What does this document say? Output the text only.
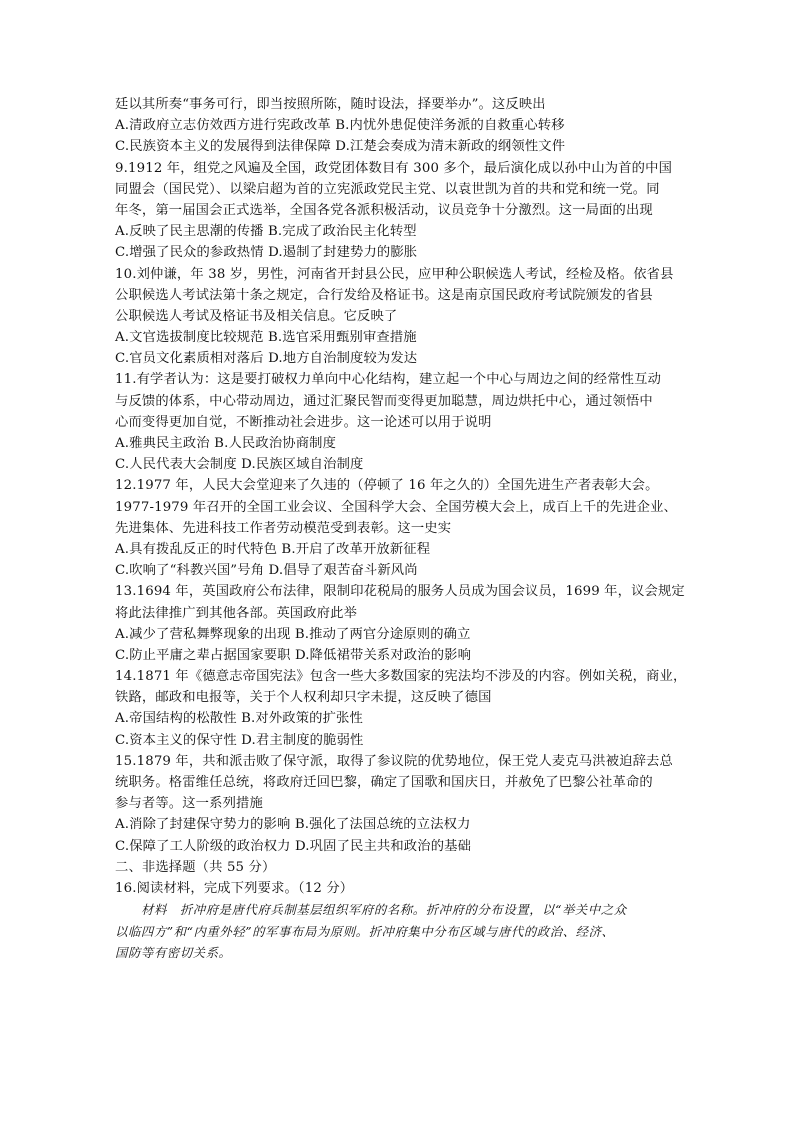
廷以其所奏“事务可行，即当按照所陈，随时设法，择要举办”。这反映出
A.清政府立志仿效西方进行宪政改革 B.内忧外患促使洋务派的自救重心转移
C.民族资本主义的发展得到法律保障 D.江楚会奏成为清末新政的纲领性文件
9.1912 年，组党之风遍及全国，政党团体数目有 300 多个，最后演化成以孙中山为首的中国
同盟会（国民党）、以梁启超为首的立宪派政党民主党、以袁世凯为首的共和党和统一党。同
年冬，第一届国会正式选举，全国各党各派积极活动，议员竞争十分激烈。这一局面的出现
A.反映了民主思潮的传播 B.完成了政治民主化转型
C.增强了民众的参政热情 D.遏制了封建势力的膨胀
10.刘仲谦，年 38 岁，男性，河南省开封县公民，应甲种公职候选人考试，经检及格。依省县
公职候选人考试法第十条之规定，合行发给及格证书。这是南京国民政府考试院颁发的省县
公职候选人考试及格证书及相关信息。它反映了
A.文官选拔制度比较规范 B.选官采用甄别审查措施
C.官员文化素质相对落后 D.地方自治制度较为发达
11.有学者认为：这是要打破权力单向中心化结构，建立起一个中心与周边之间的经常性互动
与反馈的体系，中心带动周边，通过汇聚民智而变得更加聪慧，周边烘托中心，通过领悟中
心而变得更加自觉，不断推动社会进步。这一论述可以用于说明
A.雅典民主政治 B.人民政治协商制度
C.人民代表大会制度 D.民族区域自治制度
12.1977 年，人民大会堂迎来了久违的（停顿了 16 年之久的）全国先进生产者表彰大会。
1977-1979 年召开的全国工业会议、全国科学大会、全国劳模大会上，成百上千的先进企业、
先进集体、先进科技工作者劳动模范受到表彰。这一史实
A.具有拨乱反正的时代特色 B.开启了改革开放新征程
C.吹响了“科教兴国”号角 D.倡导了艰苦奋斗新风尚
13.1694 年，英国政府公布法律，限制印花税局的服务人员成为国会议员，1699 年，议会规定
将此法律推广到其他各部。英国政府此举
A.减少了营私舞弊现象的出现 B.推动了两官分途原则的确立
C.防止平庸之辈占据国家要职 D.降低裙带关系对政治的影响
14.1871 年《德意志帝国宪法》包含一些大多数国家的宪法均不涉及的内容。例如关税，商业，
铁路，邮政和电报等，关于个人权利却只字未提，这反映了德国
A.帝国结构的松散性 B.对外政策的扩张性
C.资本主义的保守性 D.君主制度的脆弱性
15.1879 年，共和派击败了保守派，取得了参议院的优势地位，保王党人麦克马洪被迫辞去总
统职务。格雷维任总统，将政府迁回巴黎，确定了国歌和国庆日，并赦免了巴黎公社革命的
参与者等。这一系列措施
A.消除了封建保守势力的影响 B.强化了法国总统的立法权力
C.保障了工人阶级的政治权力 D.巩固了民主共和政治的基础
二、非选择题（共 55 分）
16.阅读材料，完成下列要求。（12 分）
材料　折冲府是唐代府兵制基层组织军府的名称。折冲府的分布设置，以“举关中之众
以临四方”和“内重外轻”的军事布局为原则。折冲府集中分布区域与唐代的政治、经济、
国防等有密切关系。
